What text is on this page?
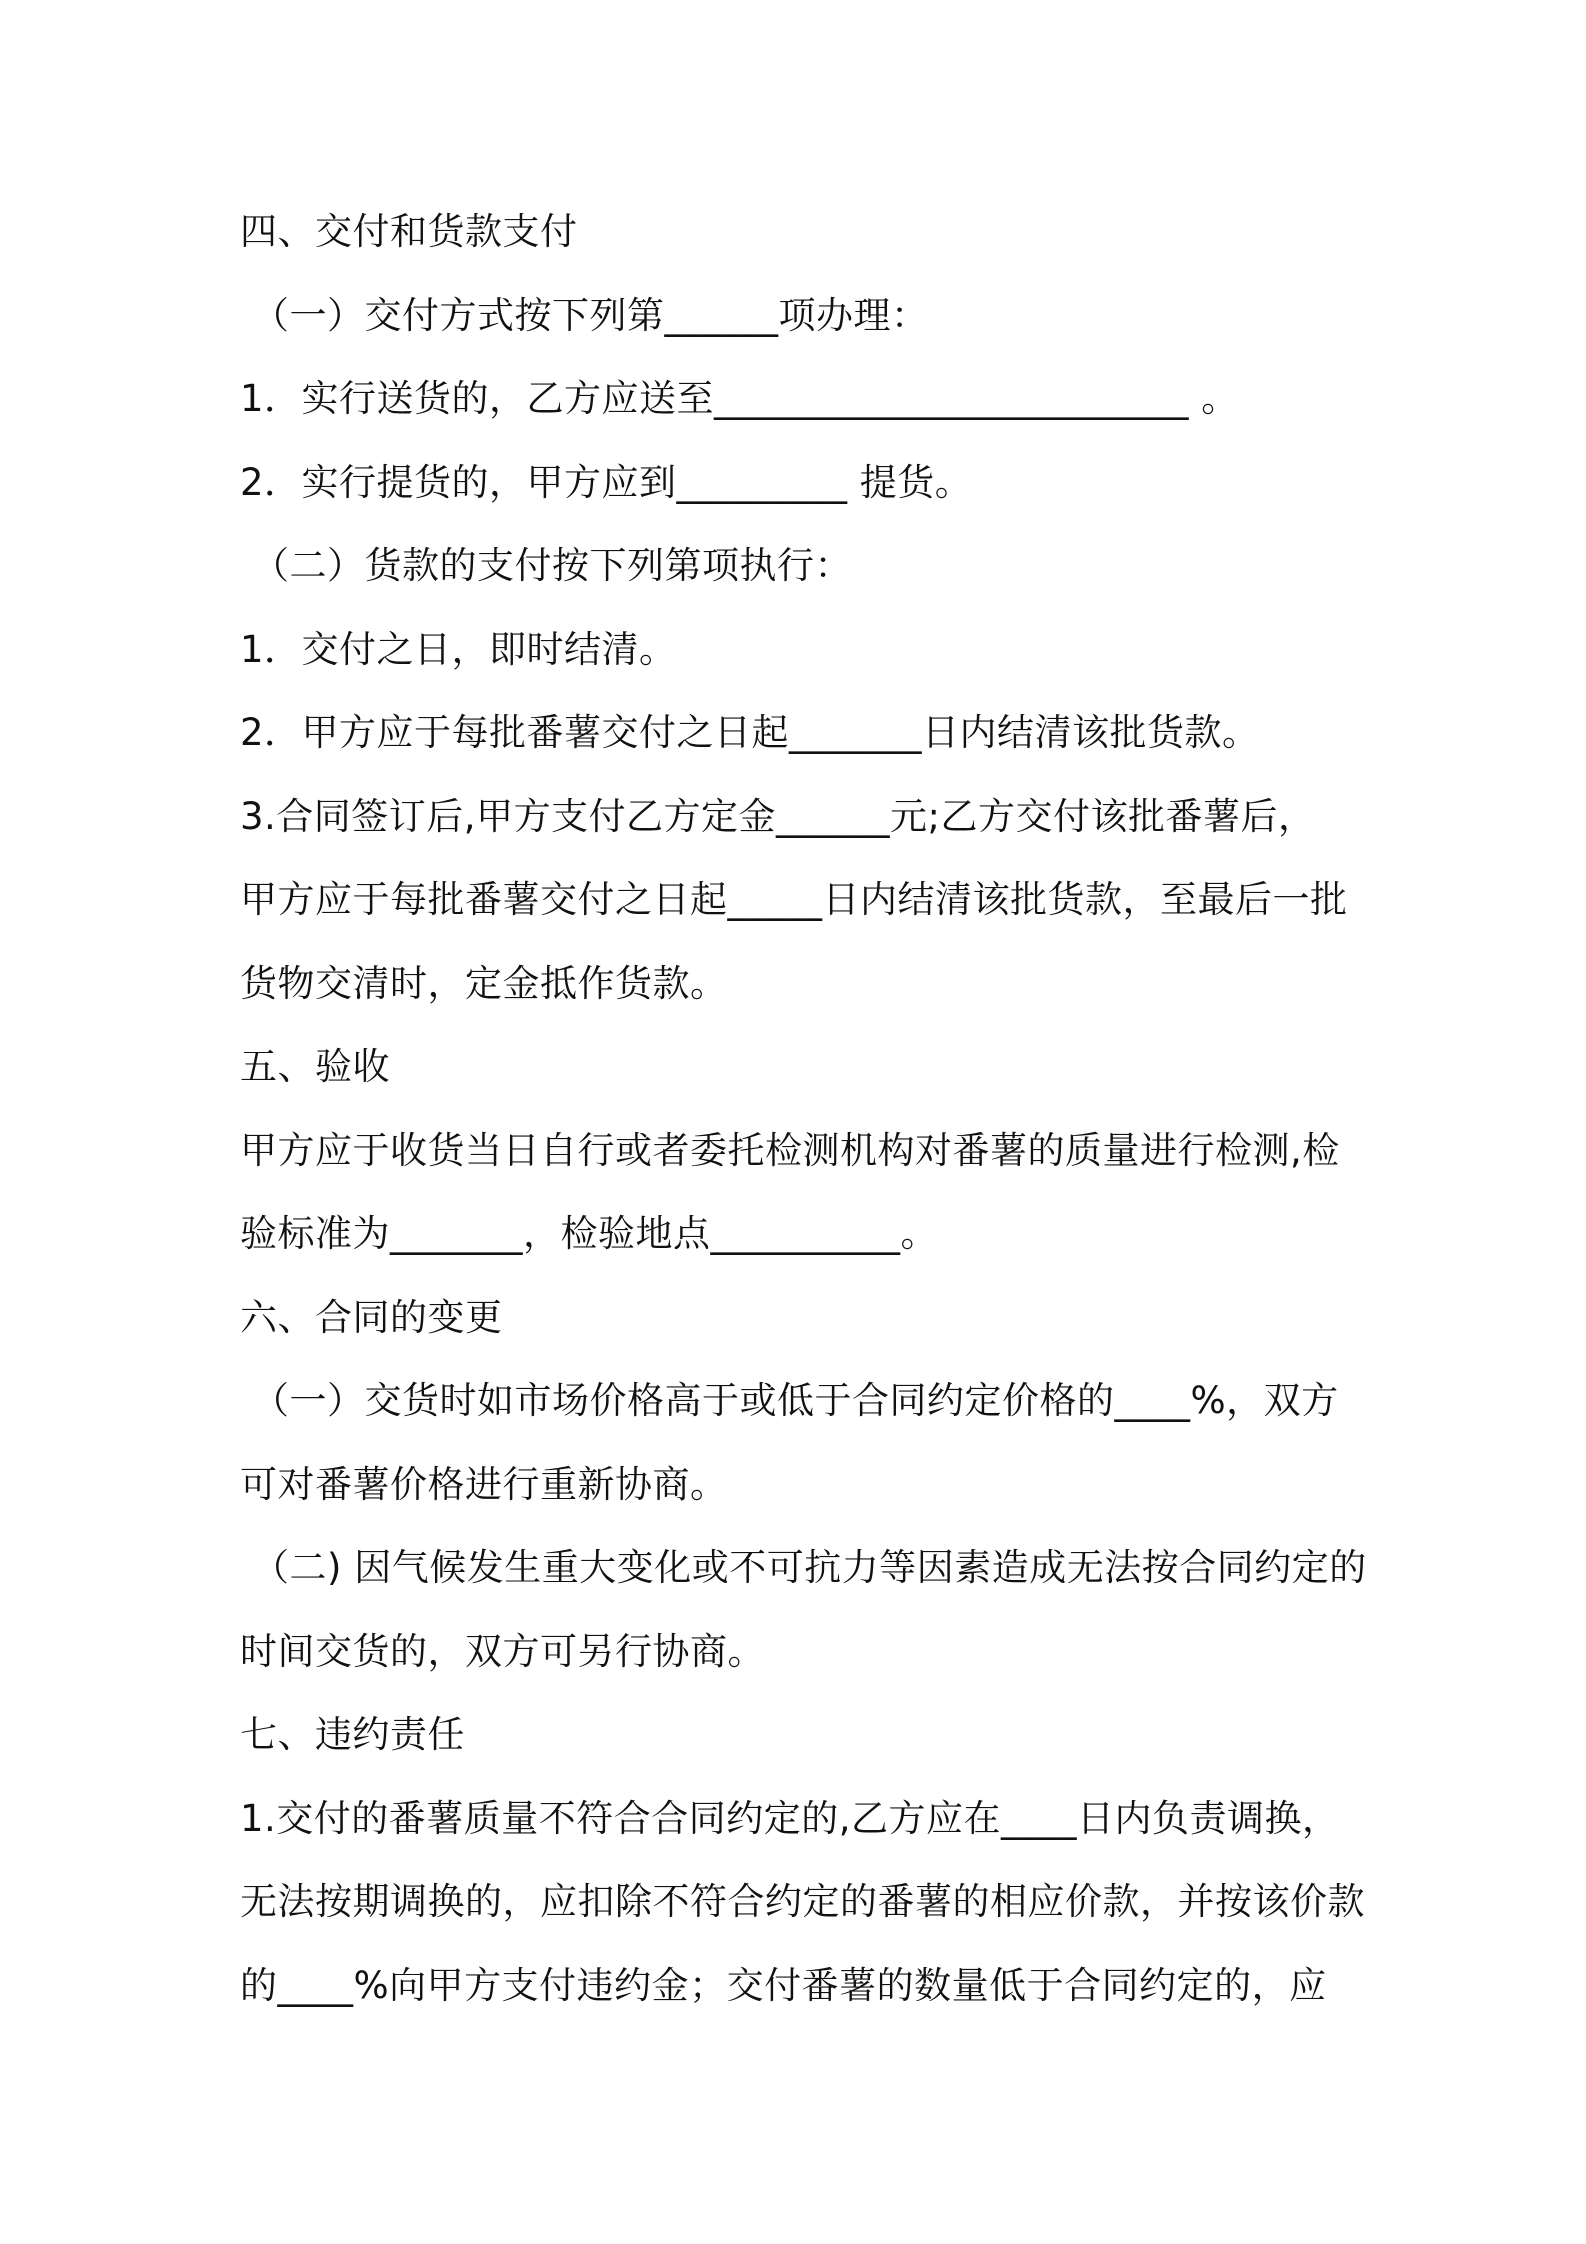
四、交付和货款支付
（一）交付方式按下列第______项办理：
1．实行送货的，乙方应送至_________________________ 。
2．实行提货的，甲方应到_________ 提货。
（二）货款的支付按下列第项执行：
1．交付之日，即时结清。
2．甲方应于每批番薯交付之日起_______日内结清该批货款。
3.合同签订后,甲方支付乙方定金______元;乙方交付该批番薯后，
甲方应于每批番薯交付之日起_____日内结清该批货款，至最后一批
货物交清时，定金抵作货款。
五、验收
甲方应于收货当日自行或者委托检测机构对番薯的质量进行检测,检
验标准为_______，检验地点__________。
六、合同的变更
（一）交货时如市场价格高于或低于合同约定价格的____%，双方
可对番薯价格进行重新协商。
（二) 因气候发生重大变化或不可抗力等因素造成无法按合同约定的
时间交货的，双方可另行协商。
七、违约责任
1.交付的番薯质量不符合合同约定的,乙方应在____日内负责调换，
无法按期调换的，应扣除不符合约定的番薯的相应价款，并按该价款
的____%向甲方支付违约金；交付番薯的数量低于合同约定的，应
